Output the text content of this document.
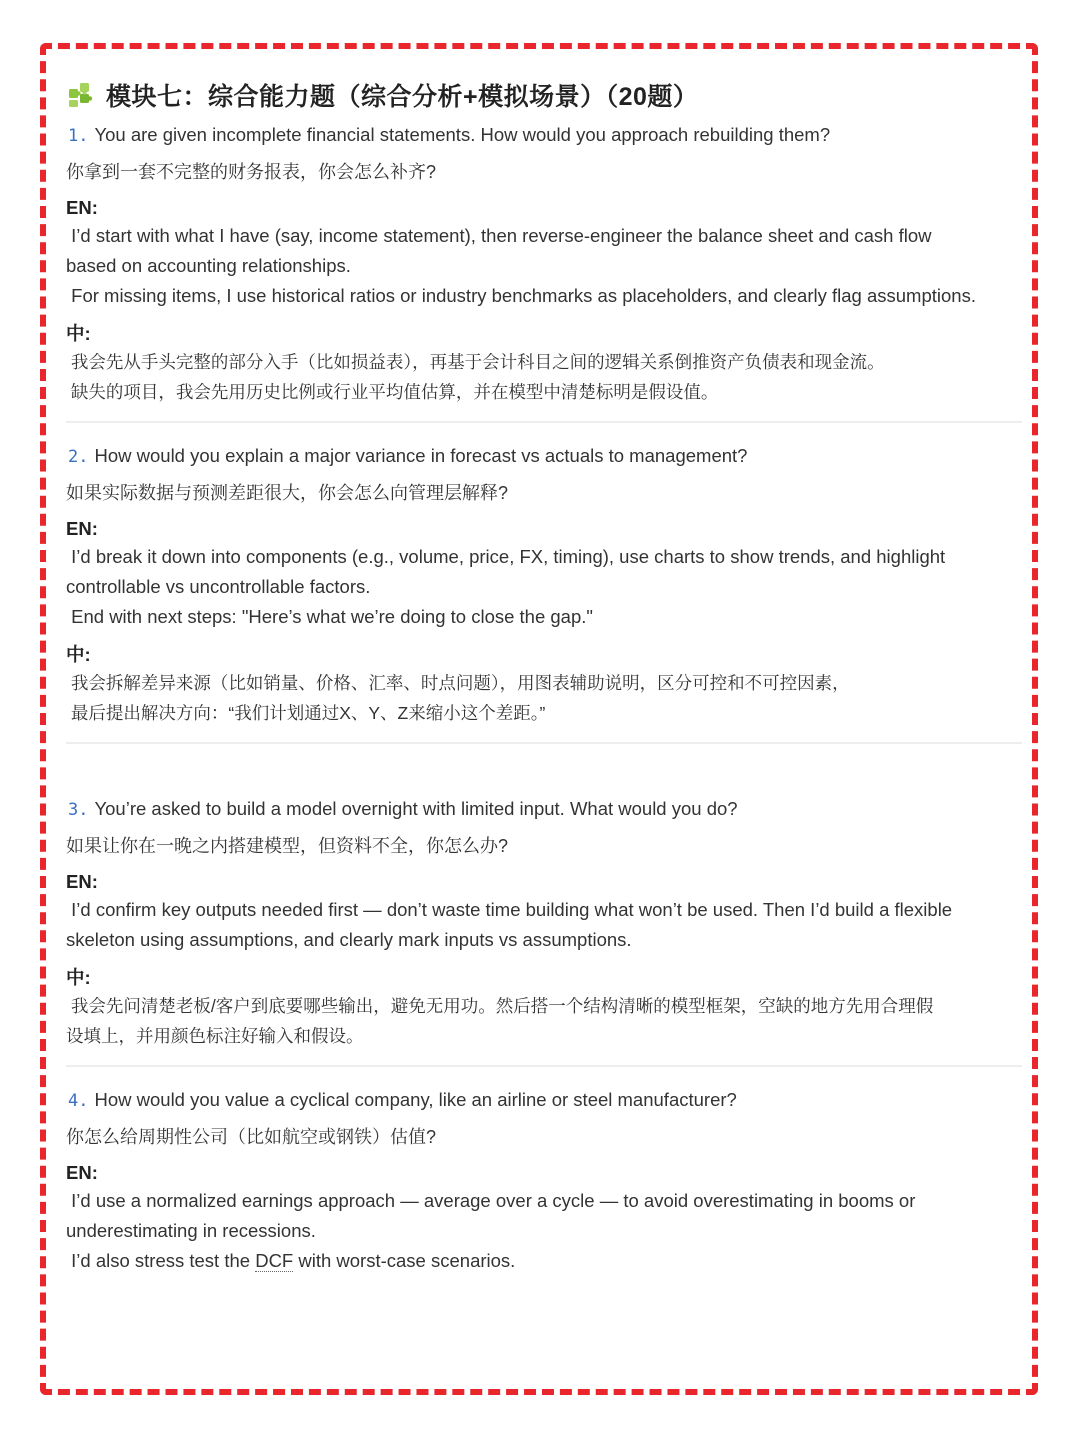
模块七：综合能力题（综合分析+模拟场景）（20题）
1. You are given incomplete financial statements. How would you approach rebuilding them?
你拿到一套不完整的财务报表，你会怎么补齐?
EN:
I’d start with what I have (say, income statement), then reverse-engineer the balance sheet and cash flow
based on accounting relationships.
For missing items, I use historical ratios or industry benchmarks as placeholders, and clearly flag assumptions.
中:
我会先从手头完整的部分入手（比如损益表），再基于会计科目之间的逻辑关系倒推资产负债表和现金流。
缺失的项目，我会先用历史比例或行业平均值估算，并在模型中清楚标明是假设值。
2. How would you explain a major variance in forecast vs actuals to management?
如果实际数据与预测差距很大，你会怎么向管理层解释?
EN:
I’d break it down into components (e.g., volume, price, FX, timing), use charts to show trends, and highlight
controllable vs uncontrollable factors.
End with next steps: "Here’s what we’re doing to close the gap."
中:
我会拆解差异来源（比如销量、价格、汇率、时点问题），用图表辅助说明，区分可控和不可控因素，
最后提出解决方向：“我们计划通过X、Y、Z来缩小这个差距。”
3. You’re asked to build a model overnight with limited input. What would you do?
如果让你在一晚之内搭建模型，但资料不全，你怎么办?
EN:
I’d confirm key outputs needed first — don’t waste time building what won’t be used. Then I’d build a flexible
skeleton using assumptions, and clearly mark inputs vs assumptions.
中:
我会先问清楚老板/客户到底要哪些输出，避免无用功。然后搭一个结构清晰的模型框架，空缺的地方先用合理假
设填上，并用颜色标注好输入和假设。
4. How would you value a cyclical company, like an airline or steel manufacturer?
你怎么给周期性公司（比如航空或钢铁）估值?
EN:
I’d use a normalized earnings approach — average over a cycle — to avoid overestimating in booms or
underestimating in recessions.
I’d also stress test the DCF with worst-case scenarios.
